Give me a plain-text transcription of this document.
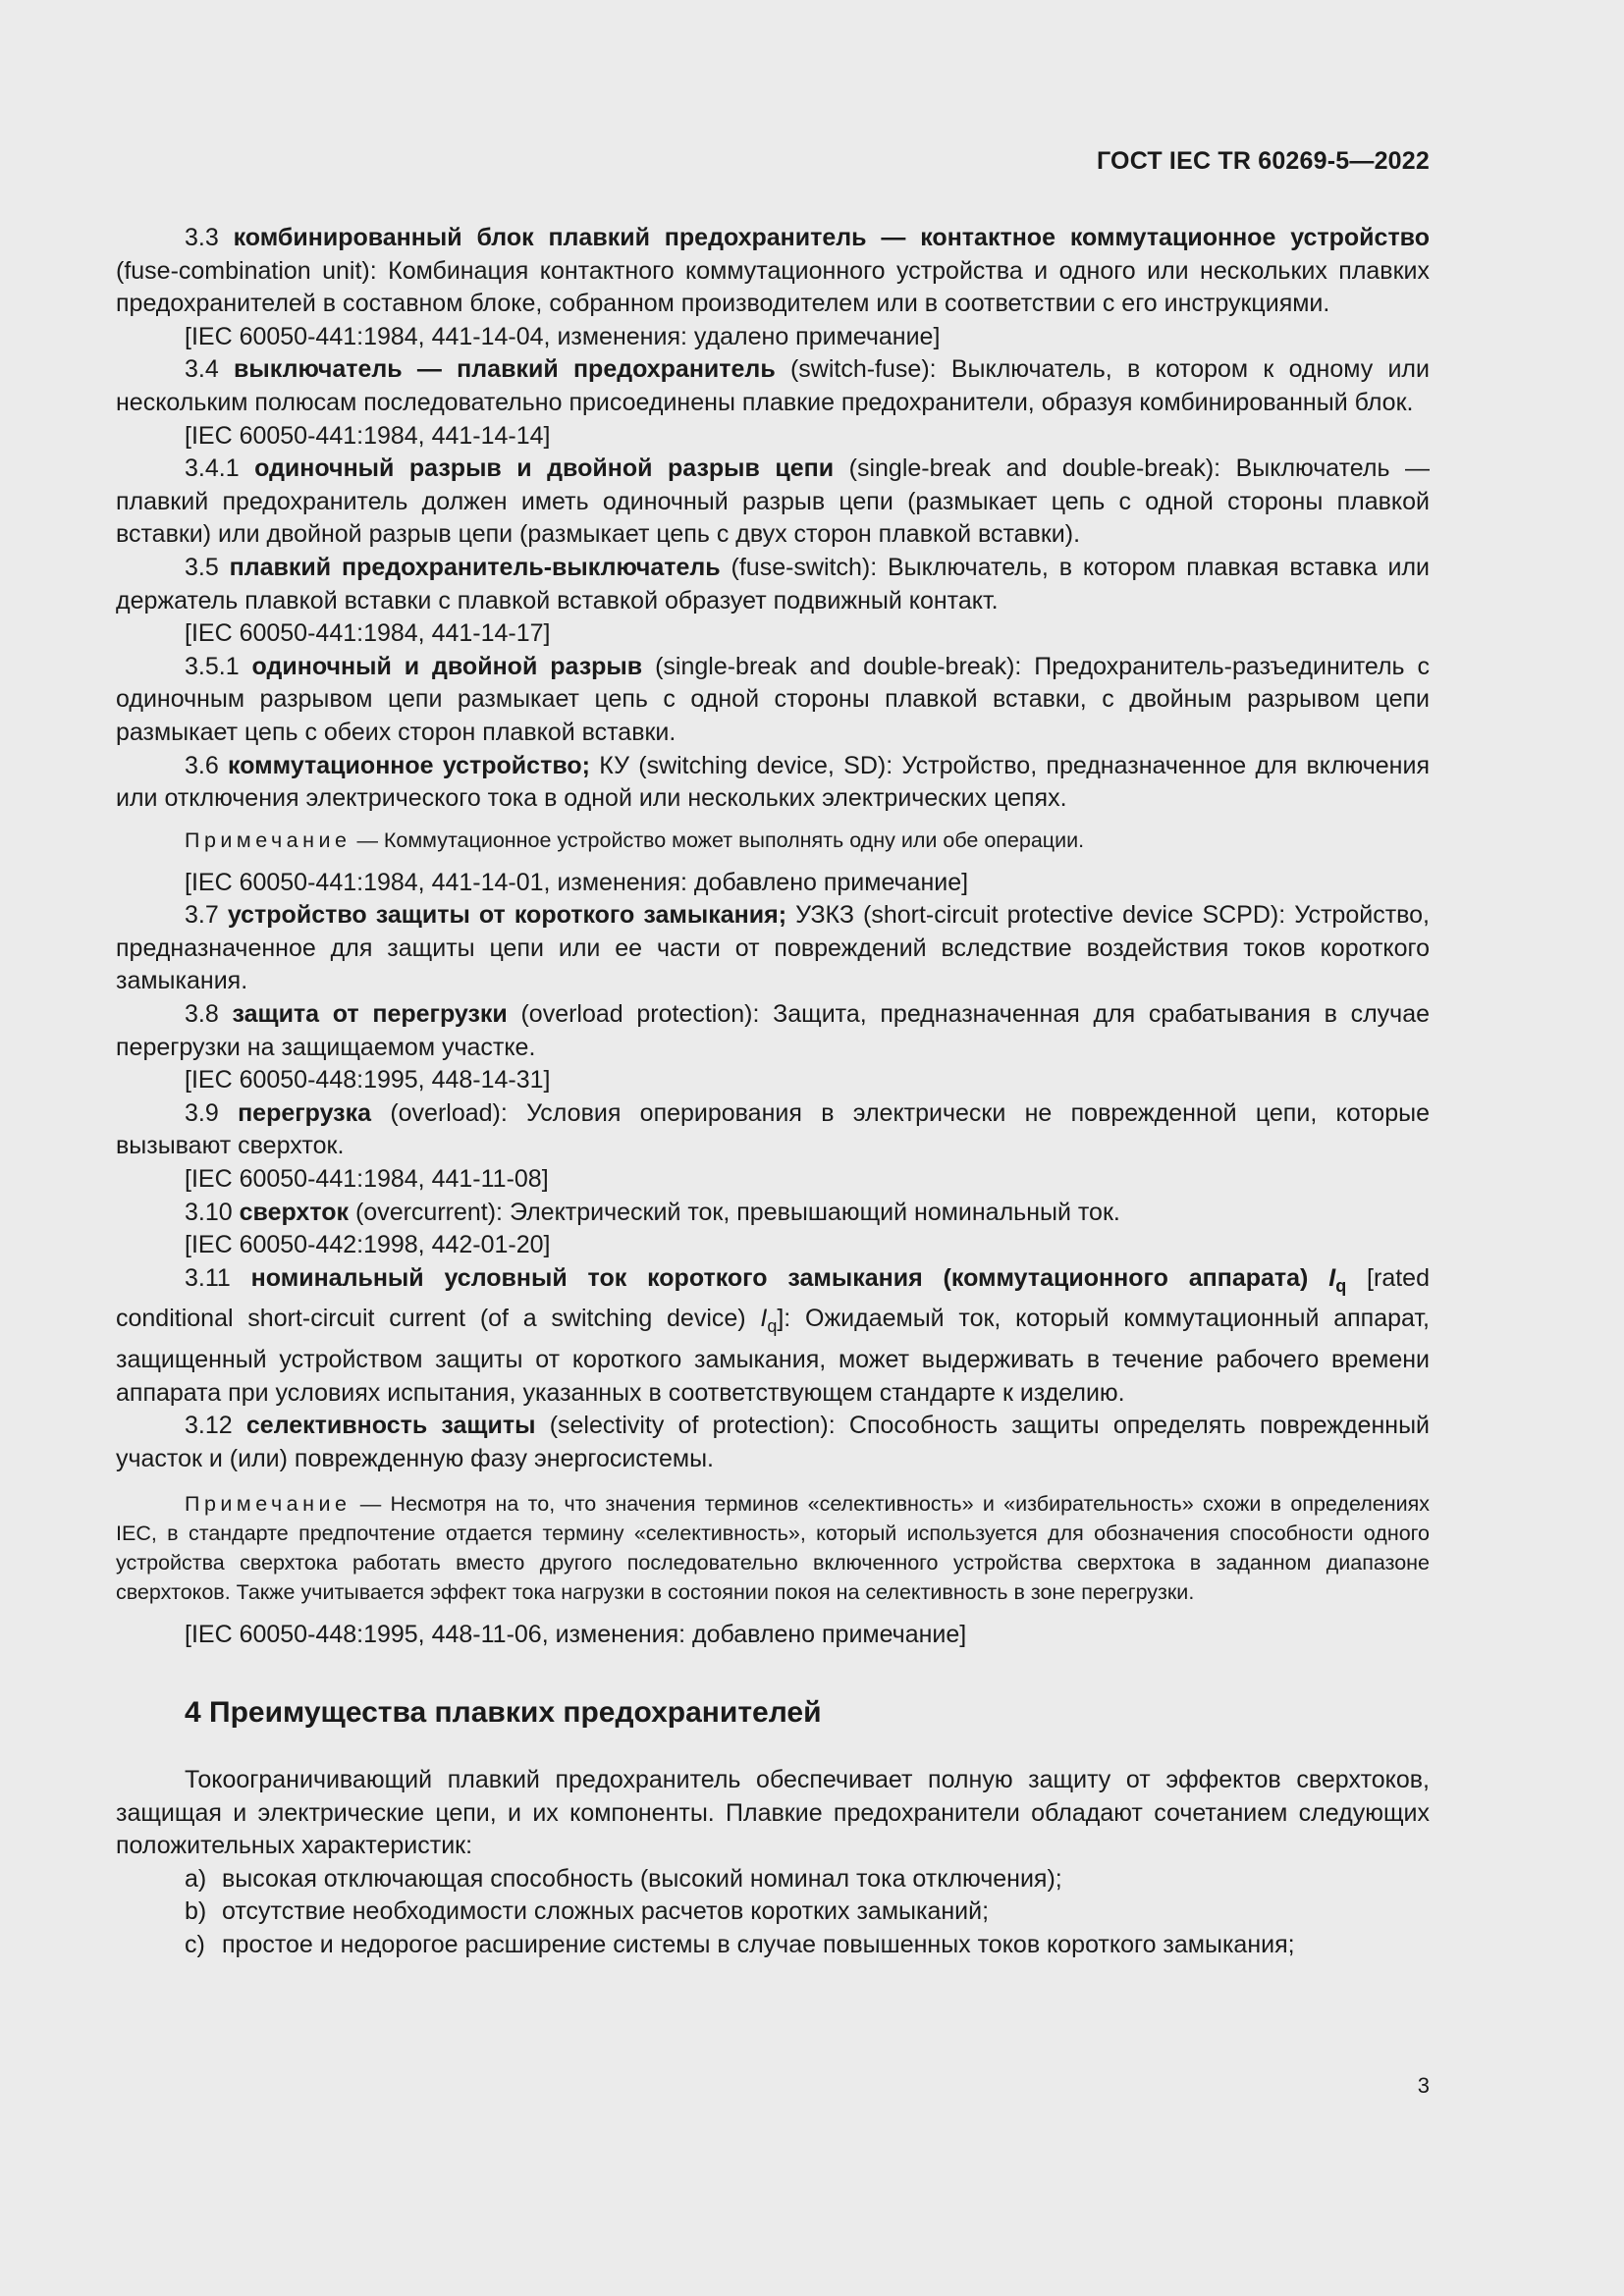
ГОСТ IEC TR 60269-5—2022

3.3 комбинированный блок плавкий предохранитель — контактное коммутационное устройство (fuse-combination unit): Комбинация контактного коммутационного устройства и одного или нескольких плавких предохранителей в составном блоке, собранном производителем или в соответствии с его инструкциями.

[IEC 60050-441:1984, 441-14-04, изменения: удалено примечание]

3.4 выключатель — плавкий предохранитель (switch-fuse): Выключатель, в котором к одному или нескольким полюсам последовательно присоединены плавкие предохранители, образуя комбинированный блок.

[IEC 60050-441:1984, 441-14-14]

3.4.1 одиночный разрыв и двойной разрыв цепи (single-break and double-break): Выключатель — плавкий предохранитель должен иметь одиночный разрыв цепи (размыкает цепь с одной стороны плавкой вставки) или двойной разрыв цепи (размыкает цепь с двух сторон плавкой вставки).

3.5 плавкий предохранитель-выключатель (fuse-switch): Выключатель, в котором плавкая вставка или держатель плавкой вставки с плавкой вставкой образует подвижный контакт.

[IEC 60050-441:1984, 441-14-17]

3.5.1 одиночный и двойной разрыв (single-break and double-break): Предохранитель-разъединитель с одиночным разрывом цепи размыкает цепь с одной стороны плавкой вставки, с двойным разрывом цепи размыкает цепь с обеих сторон плавкой вставки.

3.6 коммутационное устройство; КУ (switching device, SD): Устройство, предназначенное для включения или отключения электрического тока в одной или нескольких электрических цепях.

Примечание — Коммутационное устройство может выполнять одну или обе операции.

[IEC 60050-441:1984, 441-14-01, изменения: добавлено примечание]

3.7 устройство защиты от короткого замыкания; УЗКЗ (short-circuit protective device SCPD): Устройство, предназначенное для защиты цепи или ее части от повреждений вследствие воздействия токов короткого замыкания.

3.8 защита от перегрузки (overload protection): Защита, предназначенная для срабатывания в случае перегрузки на защищаемом участке.

[IEC 60050-448:1995, 448-14-31]

3.9 перегрузка (overload): Условия оперирования в электрически не поврежденной цепи, которые вызывают сверхток.

[IEC 60050-441:1984, 441-11-08]

3.10 сверхток (overcurrent): Электрический ток, превышающий номинальный ток.

[IEC 60050-442:1998, 442-01-20]

3.11 номинальный условный ток короткого замыкания (коммутационного аппарата) $I_q$ [rated conditional short-circuit current (of a switching device) $I_q$]: Ожидаемый ток, который коммутационный аппарат, защищенный устройством защиты от короткого замыкания, может выдерживать в течение рабочего времени аппарата при условиях испытания, указанных в соответствующем стандарте к изделию.

3.12 селективность защиты (selectivity of protection): Способность защиты определять поврежденный участок и (или) поврежденную фазу энергосистемы.

Примечание — Несмотря на то, что значения терминов «селективность» и «избирательность» схожи в определениях IEC, в стандарте предпочтение отдается термину «селективность», который используется для обозначения способности одного устройства сверхтока работать вместо другого последовательно включенного устройства сверхтока в заданном диапазоне сверхтоков. Также учитывается эффект тока нагрузки в состоянии покоя на селективность в зоне перегрузки.

[IEC 60050-448:1995, 448-11-06, изменения: добавлено примечание]

4 Преимущества плавких предохранителей

Токоограничивающий плавкий предохранитель обеспечивает полную защиту от эффектов сверхтоков, защищая и электрические цепи, и их компоненты. Плавкие предохранители обладают сочетанием следующих положительных характеристик:

a) высокая отключающая способность (высокий номинал тока отключения);
b) отсутствие необходимости сложных расчетов коротких замыканий;
c) простое и недорогое расширение системы в случае повышенных токов короткого замыкания;
3
